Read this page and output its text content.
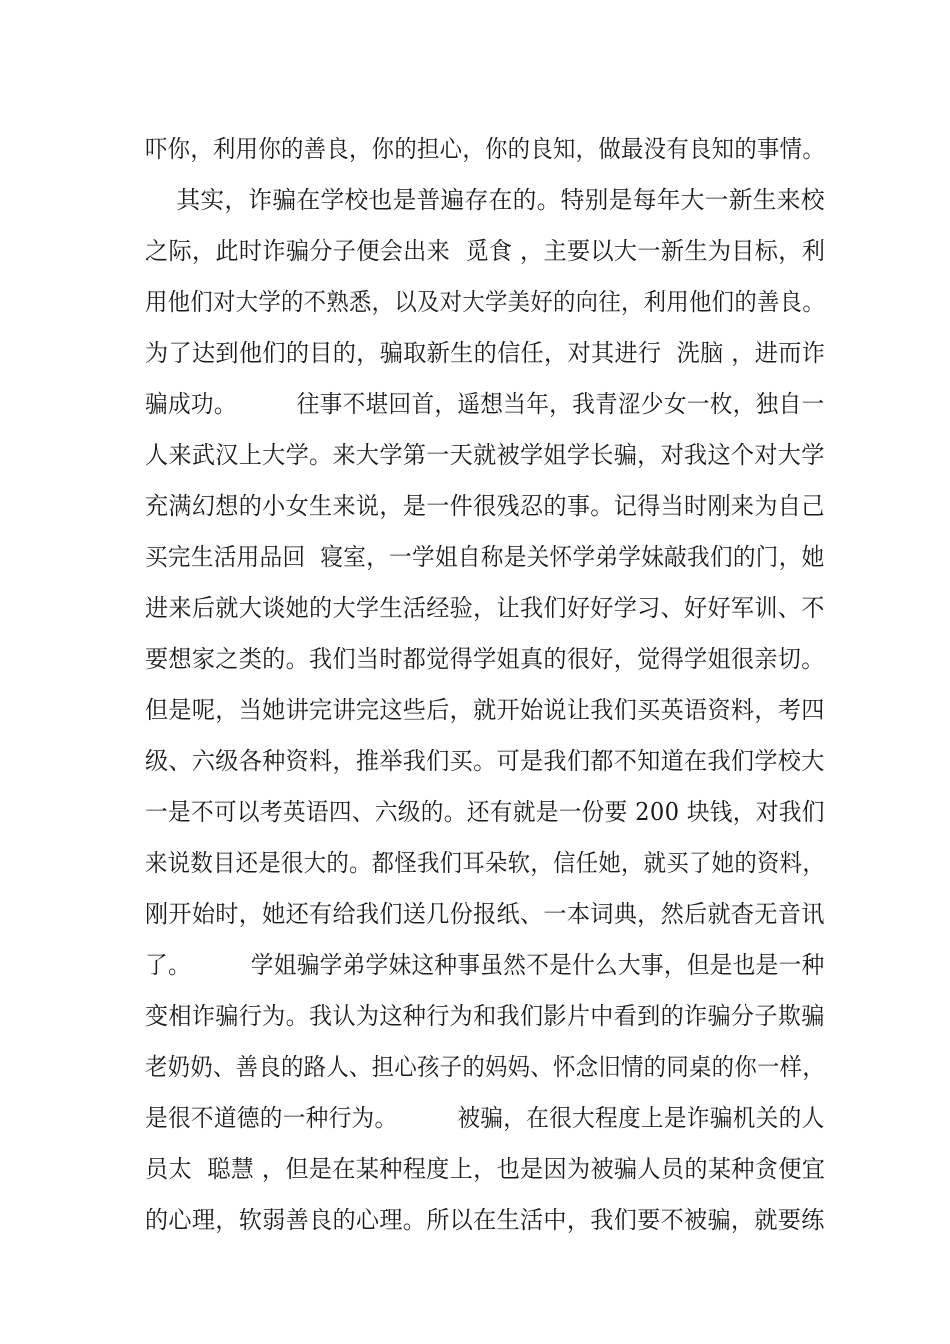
吓你，利用你的善良，你的担心，你的良知，做最没有良知的事情。
其实，诈骗在学校也是普遍存在的。特别是每年大一新生来校
之际，此时诈骗分子便会出来  觅食 ，主要以大一新生为目标，利
用他们对大学的不熟悉，以及对大学美好的向往，利用他们的善良。
为了达到他们的目的，骗取新生的信任，对其进行  洗脑 ，进而诈
骗成功。        往事不堪回首，遥想当年，我青涩少女一枚，独自一
人来武汉上大学。来大学第一天就被学姐学长骗，对我这个对大学
充满幻想的小女生来说，是一件很残忍的事。记得当时刚来为自己
买完生活用品回  寝室，一学姐自称是关怀学弟学妹敲我们的门，她
进来后就大谈她的大学生活经验，让我们好好学习、好好军训、不
要想家之类的。我们当时都觉得学姐真的很好，觉得学姐很亲切。
但是呢，当她讲完讲完这些后，就开始说让我们买英语资料，考四
级、六级各种资料，推举我们买。可是我们都不知道在我们学校大
一是不可以考英语四、六级的。还有就是一份要 200 块钱，对我们
来说数目还是很大的。都怪我们耳朵软，信任她，就买了她的资料，
刚开始时，她还有给我们送几份报纸、一本词典，然后就杳无音讯
了。        学姐骗学弟学妹这种事虽然不是什么大事，但是也是一种
变相诈骗行为。我认为这种行为和我们影片中看到的诈骗分子欺骗
老奶奶、善良的路人、担心孩子的妈妈、怀念旧情的同桌的你一样，
是很不道德的一种行为。        被骗，在很大程度上是诈骗机关的人
员太  聪慧 ，但是在某种程度上，也是因为被骗人员的某种贪便宜
的心理，软弱善良的心理。所以在生活中，我们要不被骗，就要练
